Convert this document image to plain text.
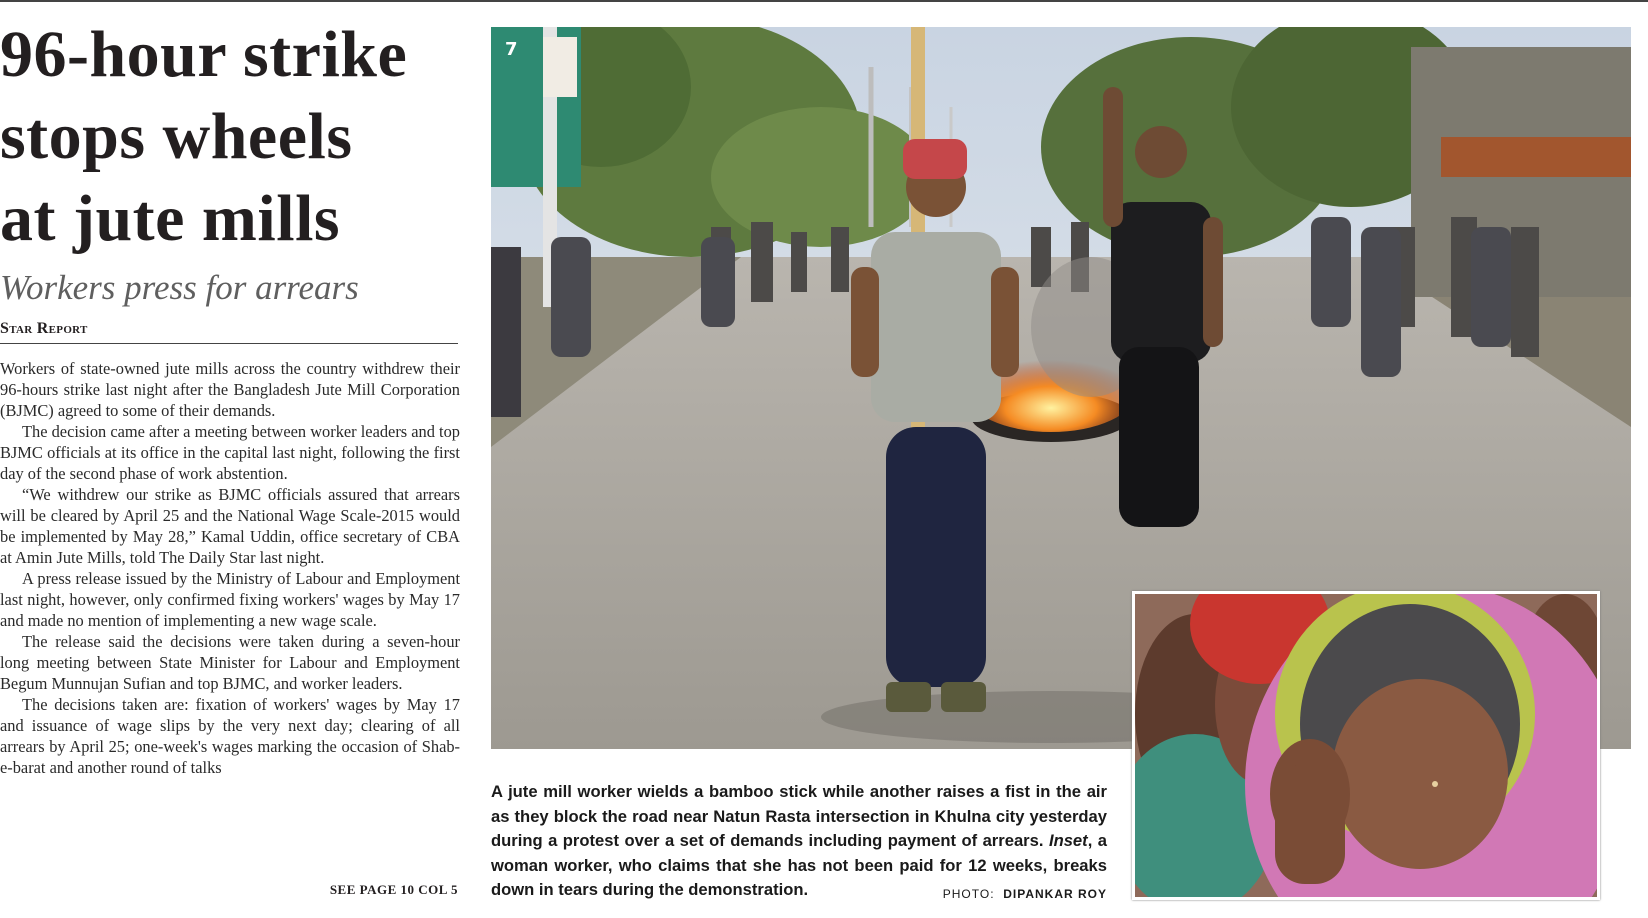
96-hour strike
stops wheels
at jute mills
Workers press for arrears
Star Report

Workers of state-owned jute mills across the country withdrew their 96-hours strike last night after the Bangladesh Jute Mill Corporation (BJMC) agreed to some of their demands.

The decision came after a meeting between worker leaders and top BJMC officials at its office in the capital last night, following the first day of the second phase of work abstention.

“We withdrew our strike as BJMC officials assured that arrears will be cleared by April 25 and the National Wage Scale-2015 would be implemented by May 28,” Kamal Uddin, office secretary of CBA at Amin Jute Mills, told The Daily Star last night.

A press release issued by the Ministry of Labour and Employment last night, however, only confirmed fixing workers' wages by May 17 and made no mention of implementing a new wage scale.

The release said the decisions were taken during a seven-hour long meeting between State Minister for Labour and Employment Begum Munnujan Sufian and top BJMC, and worker leaders.

The decisions taken are: fixation of workers' wages by May 17 and issuance of wage slips by the very next day; clearing of all arrears by April 25; one-week's wages marking the occasion of Shab-e-barat and another round of talks

SEE PAGE 10 COL 5
7
A jute mill worker wields a bamboo stick while another raises a fist in the air as they block the road near Natun Rasta intersection in Khulna city yesterday during a protest over a set of demands including payment of arrears. Inset, a woman worker, who claims that she has not been paid for 12 weeks, breaks down in tears during the demonstration.	PHOTO: DIPANKAR ROY
